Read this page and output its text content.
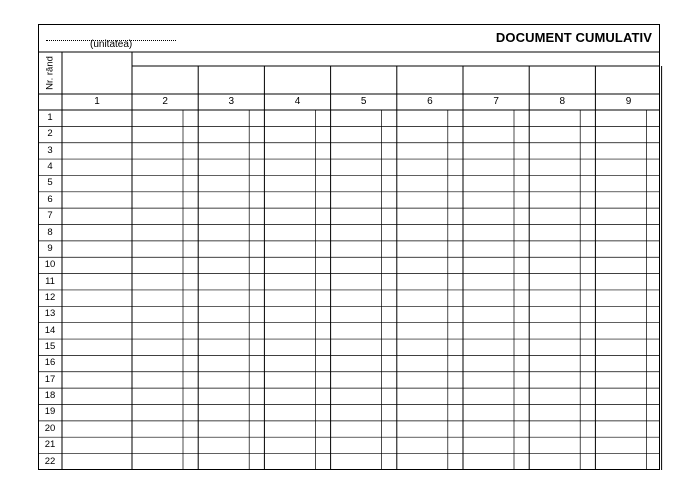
(unitatea)	DOCUMENT CUMULATIV
Nr. rând
1	2	3	4	5	6	7	8	9
1
2
3
4
5
6
7
8
9
10
11
12
13
14
15
16
17
18
19
20
21
22
